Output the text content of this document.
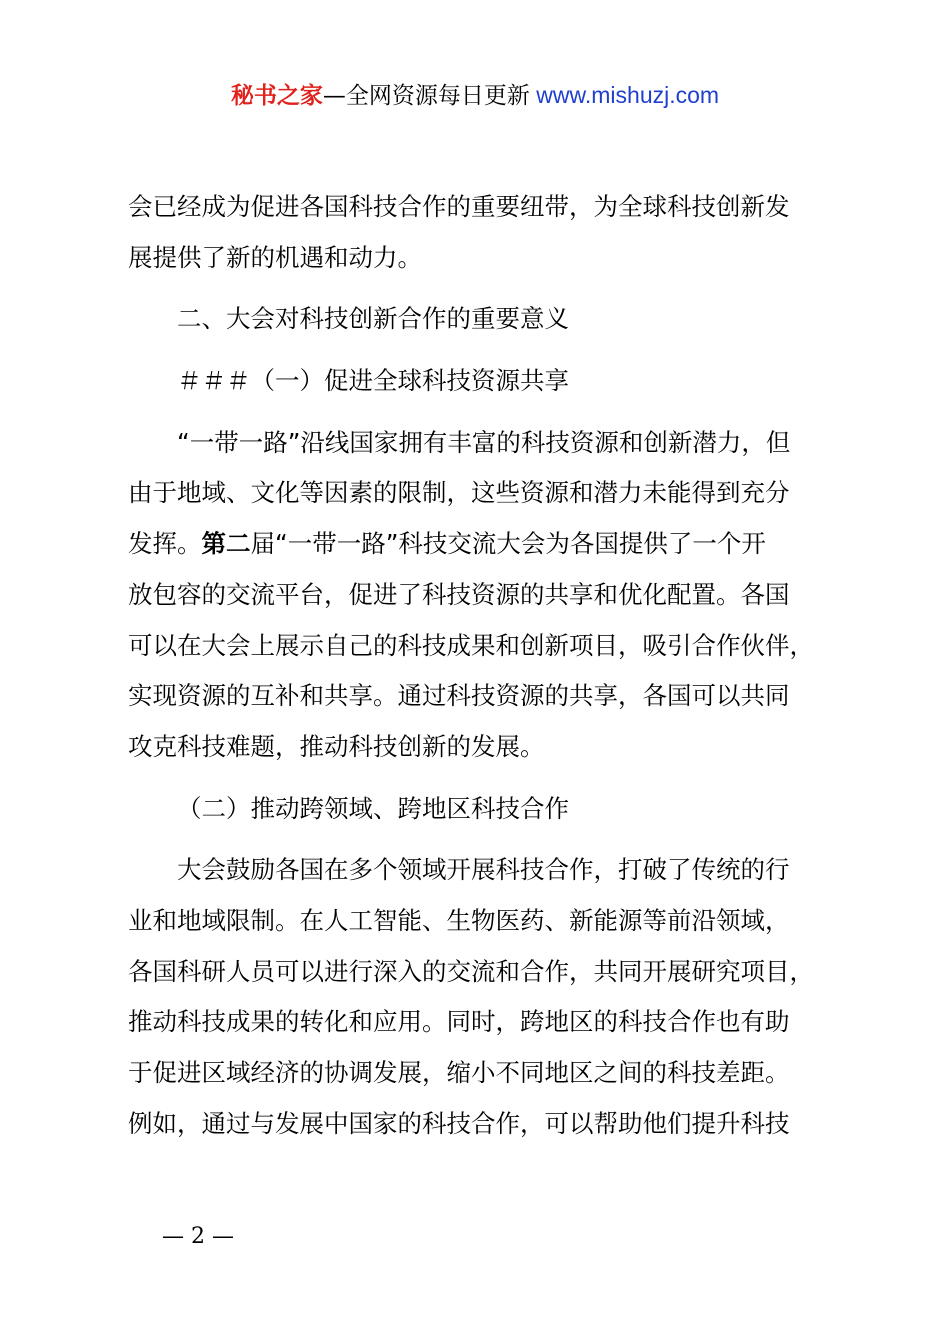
秘书之家—全网资源每日更新 www.mishuzj.com
会已经成为促进各国科技合作的重要纽带，为全球科技创新发
展提供了新的机遇和动力。
二、大会对科技创新合作的重要意义
＃＃＃（一）促进全球科技资源共享
“一带一路”沿线国家拥有丰富的科技资源和创新潜力，但
由于地域、文化等因素的限制，这些资源和潜力未能得到充分
发挥。第二届“一带一路”科技交流大会为各国提供了一个开
放包容的交流平台，促进了科技资源的共享和优化配置。各国
可以在大会上展示自己的科技成果和创新项目，吸引合作伙伴，
实现资源的互补和共享。通过科技资源的共享，各国可以共同
攻克科技难题，推动科技创新的发展。
（二）推动跨领域、跨地区科技合作
大会鼓励各国在多个领域开展科技合作，打破了传统的行
业和地域限制。在人工智能、生物医药、新能源等前沿领域，
各国科研人员可以进行深入的交流和合作，共同开展研究项目，
推动科技成果的转化和应用。同时，跨地区的科技合作也有助
于促进区域经济的协调发展，缩小不同地区之间的科技差距。
例如，通过与发展中国家的科技合作，可以帮助他们提升科技
— 2 —
